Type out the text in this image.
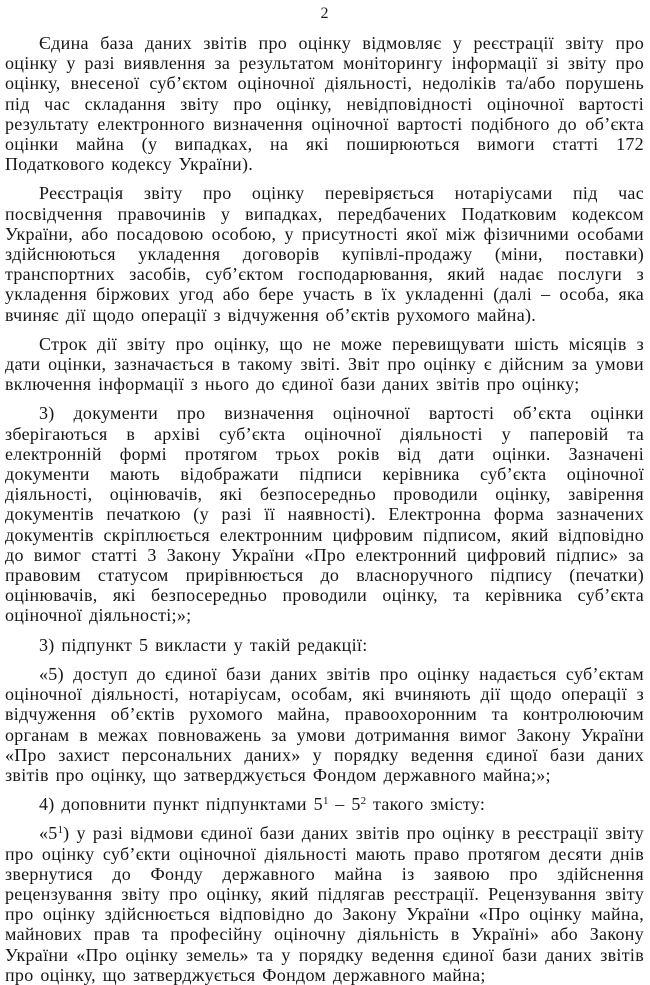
2

Єдина база даних звітів про оцінку відмовляє у реєстрації звіту про оцінку у разі виявлення за результатом моніторингу інформації зі звіту про оцінку, внесеної суб’єктом оціночної діяльності, недоліків та/або порушень під час складання звіту про оцінку, невідповідності оціночної вартості результату електронного визначення оціночної вартості подібного до об’єкта оцінки майна (у випадках, на які поширюються вимоги статті 172 Податкового кодексу України).

Реєстрація звіту про оцінку перевіряється нотаріусами під час посвідчення правочинів у випадках, передбачених Податковим кодексом України, або посадовою особою, у присутності якої між фізичними особами здійснюються укладення договорів купівлі-продажу (міни, поставки) транспортних засобів, суб’єктом господарювання, який надає послуги з укладення біржових угод або бере участь в їх укладенні (далі – особа, яка вчиняє дії щодо операції з відчуження об’єктів рухомого майна).

Строк дії звіту про оцінку, що не може перевищувати шість місяців з дати оцінки, зазначається в такому звіті. Звіт про оцінку є дійсним за умови включення інформації з нього до єдиної бази даних звітів про оцінку;

3) документи про визначення оціночної вартості об’єкта оцінки зберігаються в архіві суб’єкта оціночної діяльності у паперовій та електронній формі протягом трьох років від дати оцінки. Зазначені документи мають відображати підписи керівника суб’єкта оціночної діяльності, оцінювачів, які безпосередньо проводили оцінку, завірення документів печаткою (у разі її наявності). Електронна форма зазначених документів скріплюється електронним цифровим підписом, який відповідно до вимог статті 3 Закону України «Про електронний цифровий підпис» за правовим статусом прирівнюється до власноручного підпису (печатки) оцінювачів, які безпосередньо проводили оцінку, та керівника суб’єкта оціночної діяльності;»;

3) підпункт 5 викласти у такій редакції:

«5) доступ до єдиної бази даних звітів про оцінку надається суб’єктам оціночної діяльності, нотаріусам, особам, які вчиняють дії щодо операції з відчуження об’єктів рухомого майна, правоохоронним та контролюючим органам в межах повноважень за умови дотримання вимог Закону України «Про захист персональних даних» у порядку ведення єдиної бази даних звітів про оцінку, що затверджується Фондом державного майна;»;

4) доповнити пункт підпунктами $5^1 - 5^2$ такого змісту:

«$5^1$) у разі відмови єдиної бази даних звітів про оцінку в реєстрації звіту про оцінку суб’єкти оціночної діяльності мають право протягом десяти днів звернутися до Фонду державного майна із заявою про здійснення рецензування звіту про оцінку, який підлягав реєстрації. Рецензування звіту про оцінку здійснюється відповідно до Закону України «Про оцінку майна, майнових прав та професійну оціночну діяльність в Україні» або Закону України «Про оцінку земель» та у порядку ведення єдиної бази даних звітів про оцінку, що затверджується Фондом державного майна;
